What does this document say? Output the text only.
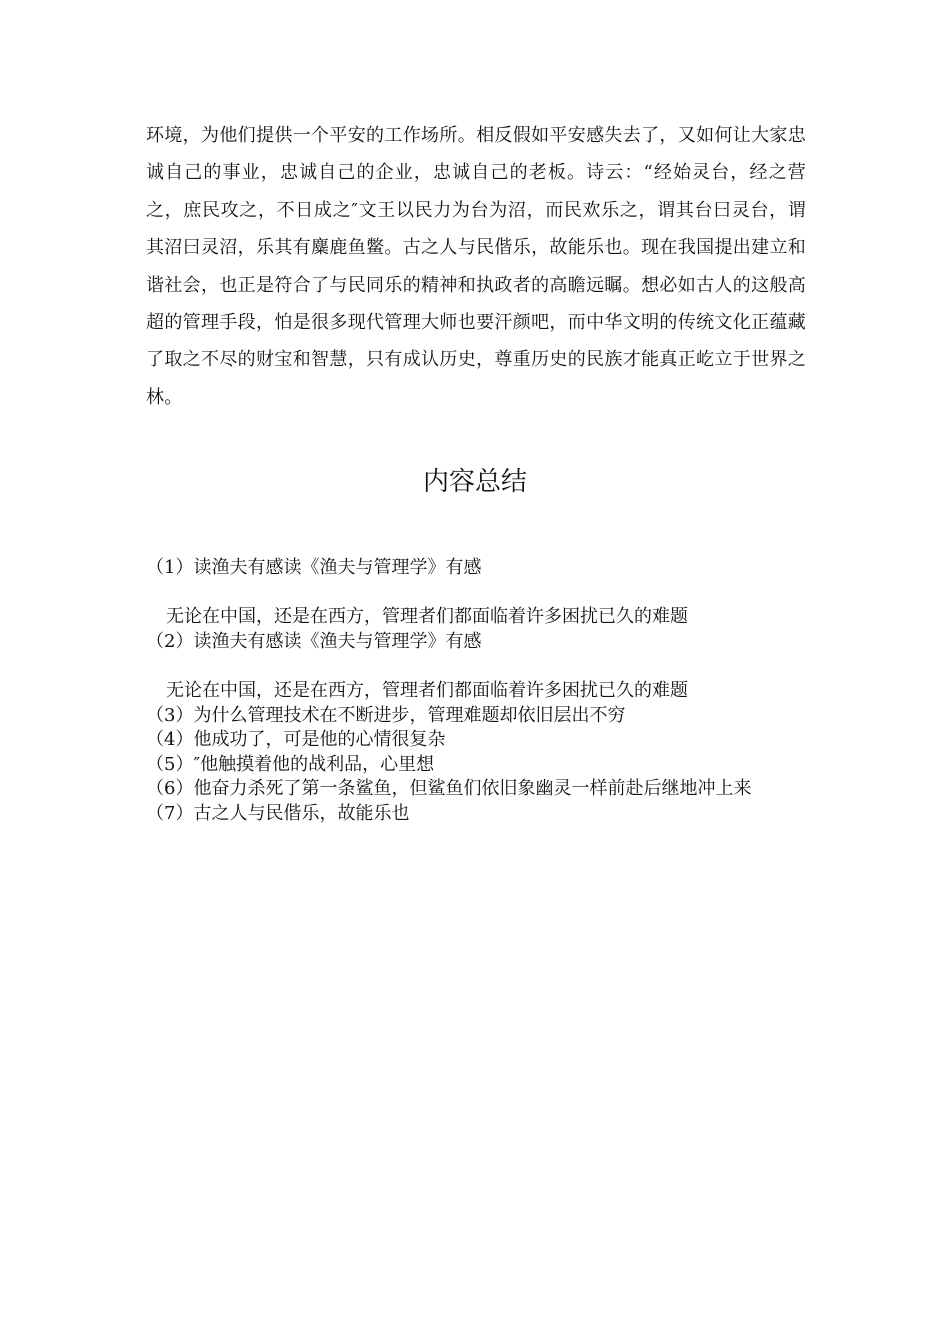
环境，为他们提供一个平安的工作场所。相反假如平安感失去了，又如何让大家忠诚自己的事业，忠诚自己的企业，忠诚自己的老板。诗云：“经始灵台，经之营之，庶民攻之，不日成之″文王以民力为台为沼，而民欢乐之，谓其台曰灵台，谓其沼曰灵沼，乐其有麋鹿鱼鳖。古之人与民偕乐，故能乐也。现在我国提出建立和谐社会，也正是符合了与民同乐的精神和执政者的高瞻远瞩。想必如古人的这般高超的管理手段，怕是很多现代管理大师也要汗颜吧，而中华文明的传统文化正蕴藏了取之不尽的财宝和智慧，只有成认历史，尊重历史的民族才能真正屹立于世界之林。

内容总结
（1）读渔夫有感读《渔夫与管理学》有感
无论在中国，还是在西方，管理者们都面临着许多困扰已久的难题
（2）读渔夫有感读《渔夫与管理学》有感
无论在中国，还是在西方，管理者们都面临着许多困扰已久的难题
（3）为什么管理技术在不断进步，管理难题却依旧层出不穷
（4）他成功了，可是他的心情很复杂
（5）″他触摸着他的战利品，心里想
（6）他奋力杀死了第一条鲨鱼，但鲨鱼们依旧象幽灵一样前赴后继地冲上来
（7）古之人与民偕乐，故能乐也
